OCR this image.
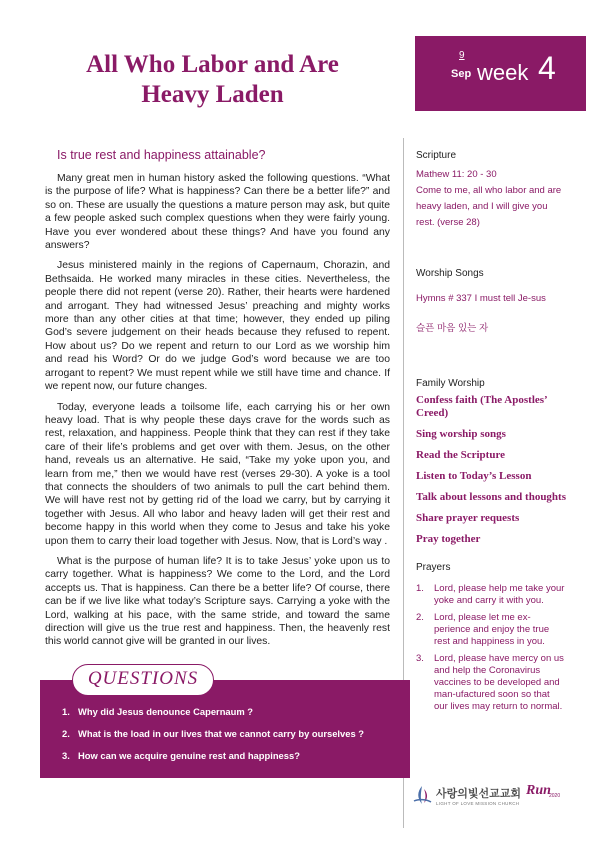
All Who Labor and Are
Heavy Laden
9
Sep week 4
Is true rest and happiness attainable?

Many great men in human history asked the following questions. “What is the purpose of life? What is happiness? Can there be a better life?” and so on. These are usually the questions a mature person may ask, but quite a few people asked such complex questions when they were fairly young. Have you ever wondered about these things? And have you found any answers?

Jesus ministered mainly in the regions of Capernaum, Chorazin, and Bethsaida. He worked many miracles in these cities. Nevertheless, the people there did not repent (verse 20). Rather, their hearts were hardened and arrogant. They had witnessed Jesus’ preaching and mighty works more than any other cities at that time; however, they ended up piling God’s severe judgement on their heads because they refused to repent. How about us? Do we repent and return to our Lord as we worship him and read his Word? Or do we judge God’s word because we are too arrogant to repent? We must repent while we still have time and chance. If we repent now, our future changes.

Today, everyone leads a toilsome life, each carrying his or her own heavy load. That is why people these days crave for the words such as rest, relaxation, and happiness. People think that they can rest if they take care of their life’s problems and get over with them. Jesus, on the other hand, reveals us an alternative. He said, “Take my yoke upon you, and learn from me,” then we would have rest (verses 29-30). A yoke is a tool that connects the shoulders of two animals to pull the cart behind them. We will have rest not by getting rid of the load we carry, but by carrying it together with Jesus. All who labor and heavy laden will get their rest and become happy in this world when they come to Jesus and take his yoke upon them to carry their load together with Jesus. Now, that is Lord’s way .

What is the purpose of human life? It is to take Jesus’ yoke upon us to carry together. What is happiness? We come to the Lord, and the Lord accepts us. That is happiness. Can there be a better life? Of course, there can be if we live like what today’s Scripture says. Carrying a yoke with the Lord, walking at his pace, with the same stride, and toward the same direction will give us the true rest and happiness. Then, the heavenly rest this world cannot give will be granted in our lives.

QUESTIONS
1. Why did Jesus denounce Capernaum ?
2. What is the load in our lives that we cannot carry by ourselves ?
3. How can we acquire genuine rest and happiness?
Scripture
Mathew 11: 20 - 30
Come to me, all who labor and are heavy laden, and I will give you rest. (verse 28)
Worship Songs
Hymns # 337 I must tell Je-sus
슬픈 마음 있는 자
Family Worship
Confess faith (The Apostles’ Creed)
Sing worship songs
Read the Scripture
Listen to Today’s Lesson
Talk about lessons and thoughts
Share prayer requests
Pray together
Prayers
1. Lord, please help me take your yoke and carry it with you.
2. Lord, please let me ex-perience and enjoy the true rest and happiness in you.
3. Lord, please have mercy on us and help the Coronavirus vaccines to be developed and man-ufactured soon so that our lives may return to normal.
사랑의빛선교교회
LIGHT OF LOVE MISSION CHURCH
Run
2020
